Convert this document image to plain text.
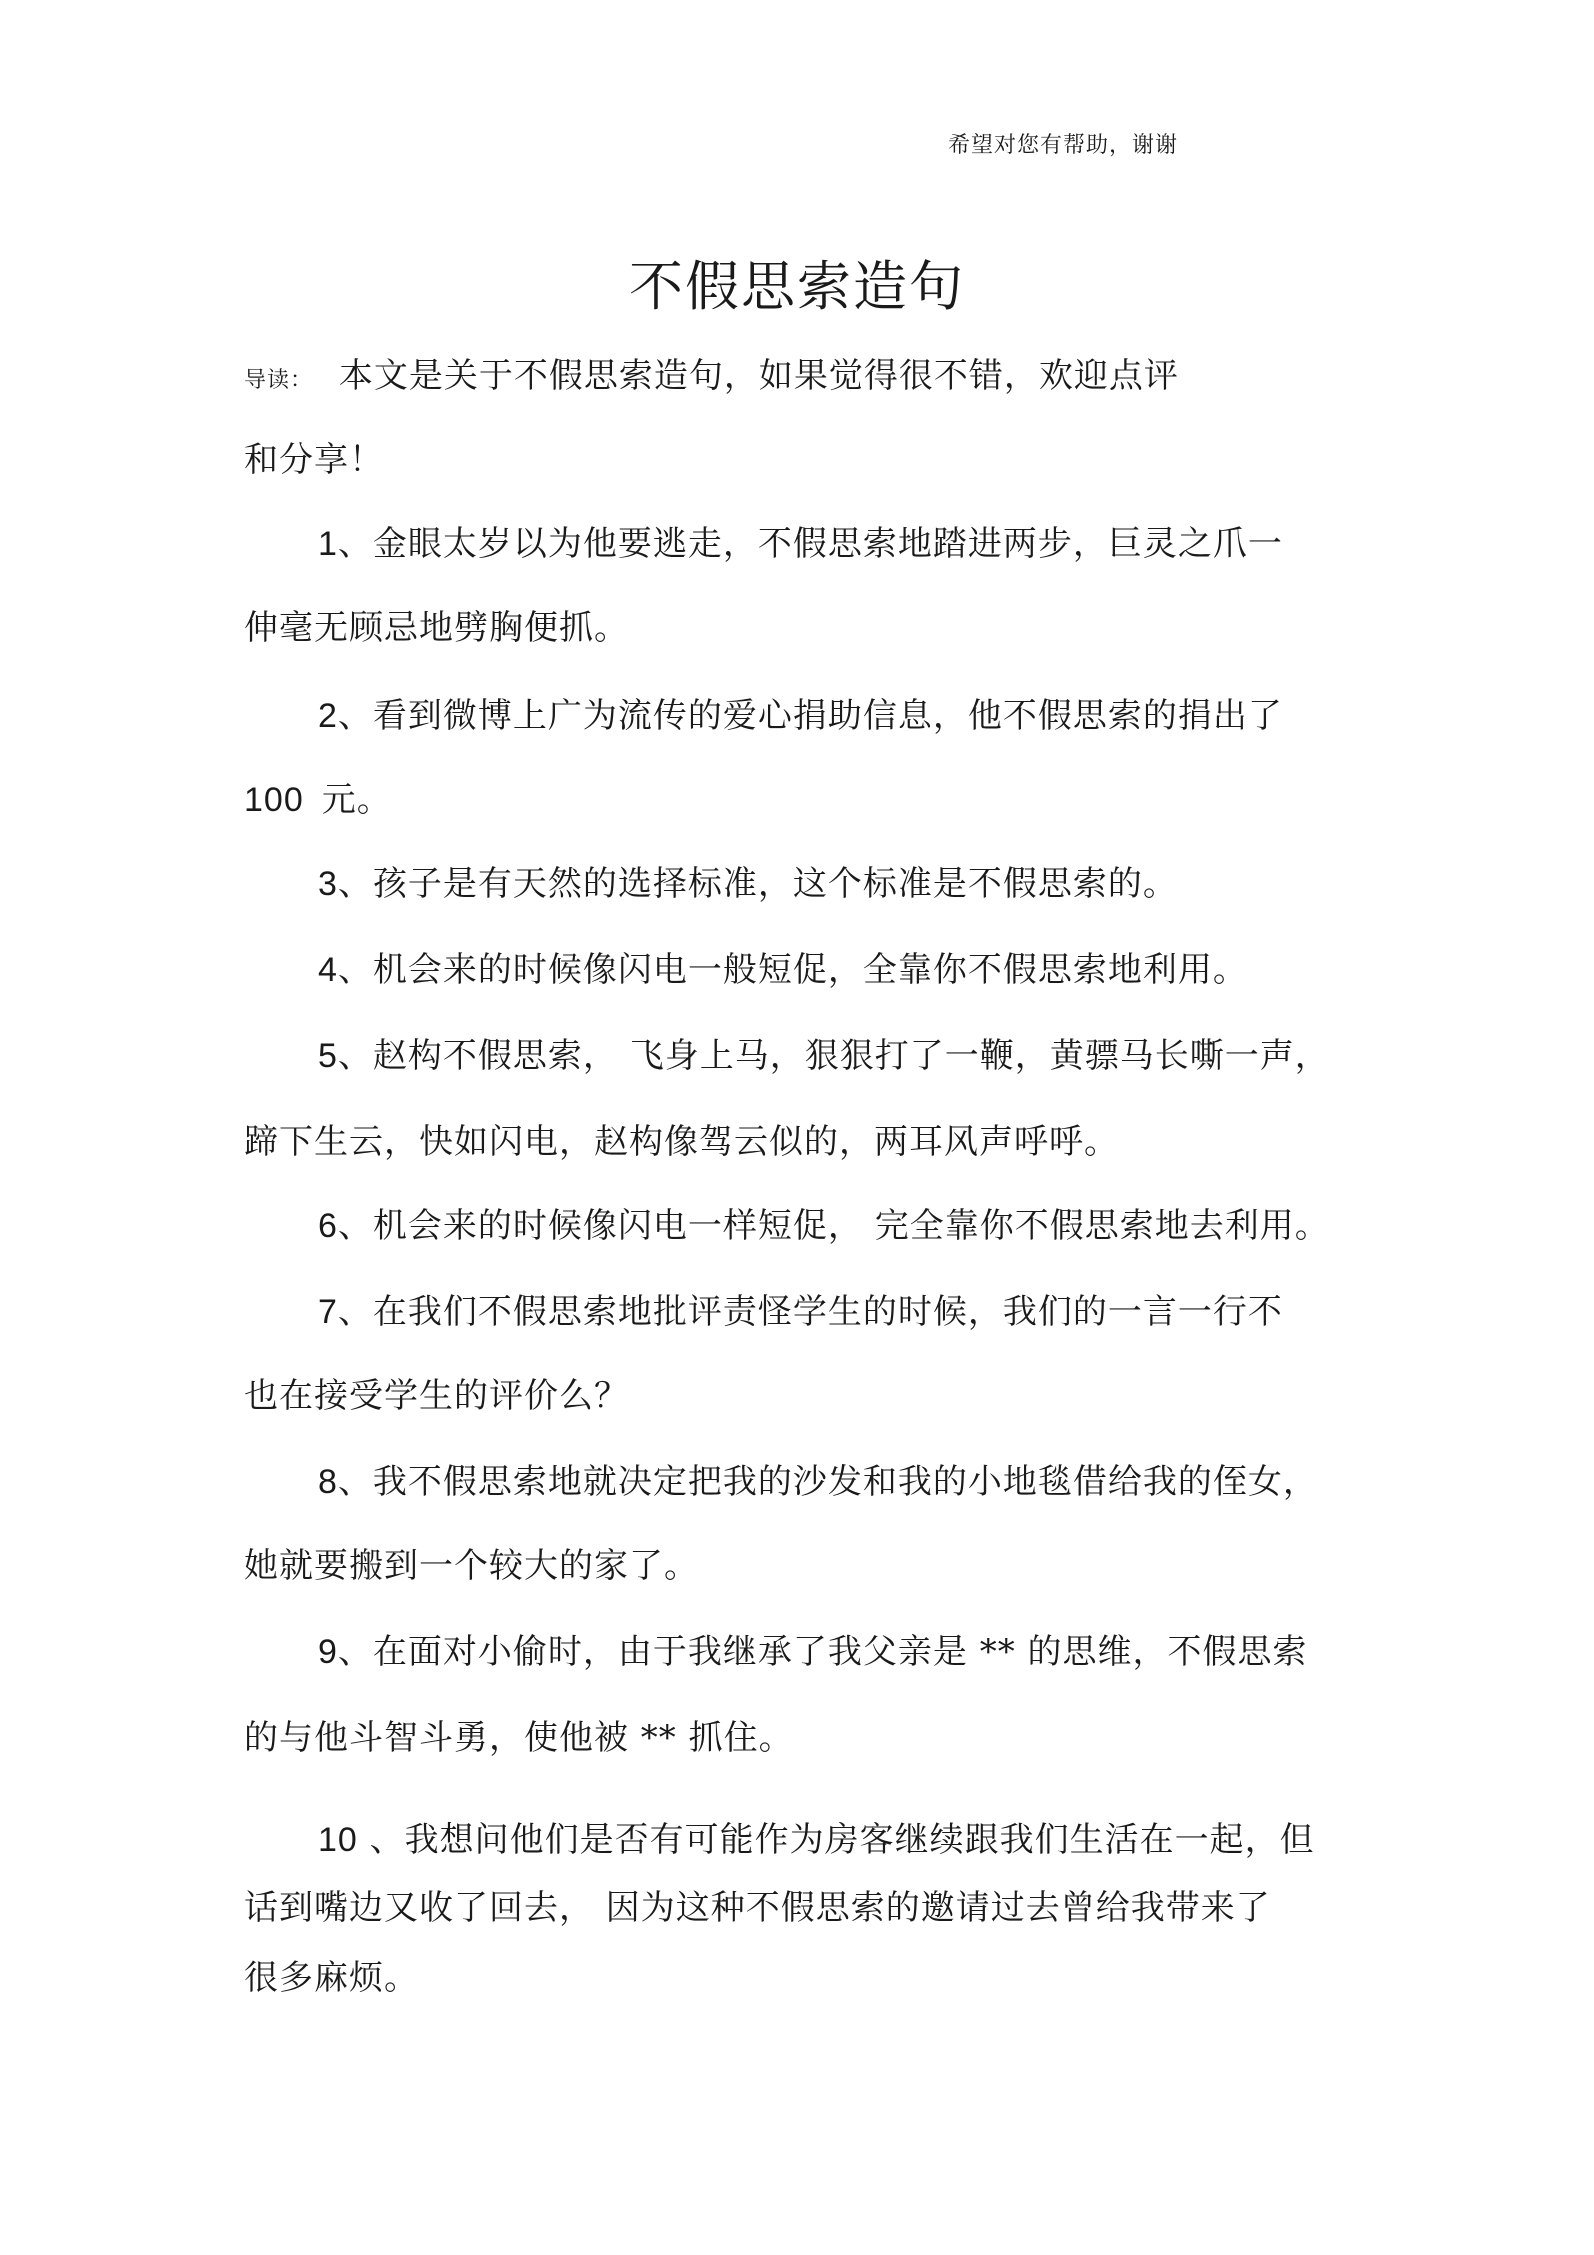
希望对您有帮助，谢谢
不假思索造句
导读： 本文是关于不假思索造句，如果觉得很不错，欢迎点评
和分享！
1、金眼太岁以为他要逃走，不假思索地踏进两步，巨灵之爪一
伸毫无顾忌地劈胸便抓。
2、看到微博上广为流传的爱心捐助信息，他不假思索的捐出了
100 元。
3、孩子是有天然的选择标准，这个标准是不假思索的。
4、机会来的时候像闪电一般短促，全靠你不假思索地利用。
5、赵构不假思索， 飞身上马，狠狠打了一鞭，黄骠马长嘶一声，
蹄下生云，快如闪电，赵构像驾云似的，两耳风声呼呼。
6、机会来的时候像闪电一样短促， 完全靠你不假思索地去利用。
7、在我们不假思索地批评责怪学生的时候，我们的一言一行不
也在接受学生的评价么？
8、我不假思索地就决定把我的沙发和我的小地毯借给我的侄女，
她就要搬到一个较大的家了。
9、在面对小偷时，由于我继承了我父亲是 ** 的思维，不假思索
的与他斗智斗勇，使他被 ** 抓住。
10 、我想问他们是否有可能作为房客继续跟我们生活在一起，但
话到嘴边又收了回去， 因为这种不假思索的邀请过去曾给我带来了
很多麻烦。
